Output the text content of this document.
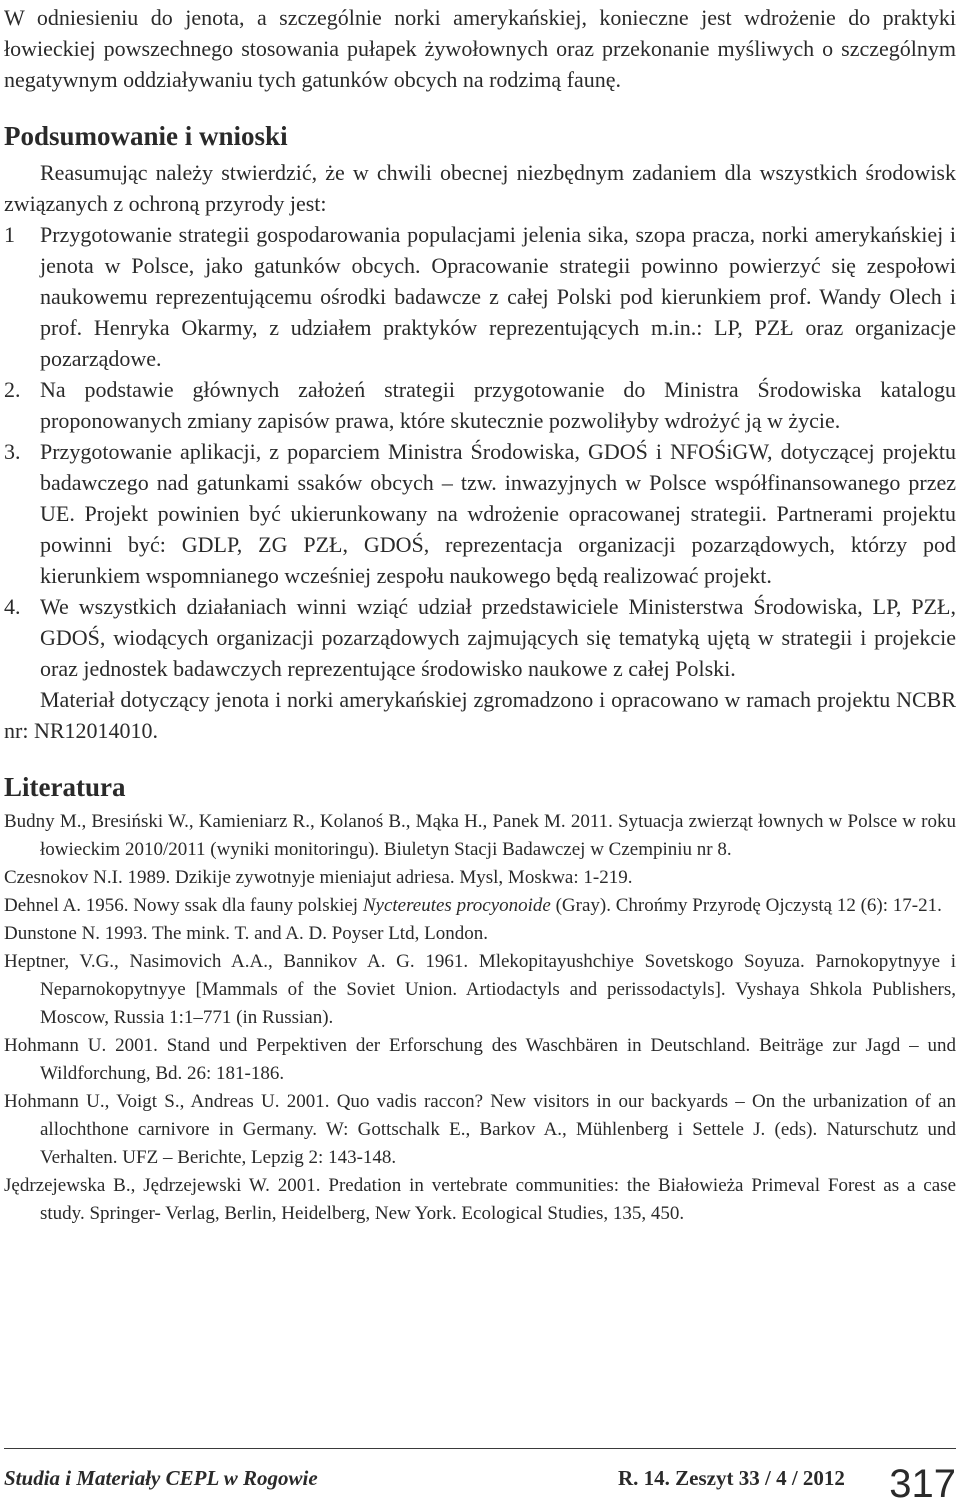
W odniesieniu do jenota, a szczególnie norki amerykańskiej, konieczne jest wdrożenie do praktyki łowieckiej powszechnego stosowania pułapek żywołownych oraz przekonanie myśliwych o szczególnym negatywnym oddziaływaniu tych gatunków obcych na rodzimą faunę.

Podsumowanie i wnioski

Reasumując należy stwierdzić, że w chwili obecnej niezbędnym zadaniem dla wszystkich środowisk związanych z ochroną przyrody jest:

1 Przygotowanie strategii gospodarowania populacjami jelenia sika, szopa pracza, norki amerykańskiej i jenota w Polsce, jako gatunków obcych. Opracowanie strategii powinno powierzyć się zespołowi naukowemu reprezentującemu ośrodki badawcze z całej Polski pod kierunkiem prof. Wandy Olech i prof. Henryka Okarmy, z udziałem praktyków reprezentujących m.in.: LP, PZŁ oraz organizacje pozarządowe.

2. Na podstawie głównych założeń strategii przygotowanie do Ministra Środowiska katalogu proponowanych zmiany zapisów prawa, które skutecznie pozwoliłyby wdrożyć ją w życie.

3. Przygotowanie aplikacji, z poparciem Ministra Środowiska, GDOŚ i NFOŚiGW, dotyczącej projektu badawczego nad gatunkami ssaków obcych – tzw. inwazyjnych w Polsce współfinansowanego przez UE. Projekt powinien być ukierunkowany na wdrożenie opracowanej strategii. Partnerami projektu powinni być: GDLP, ZG PZŁ, GDOŚ, reprezentacja organizacji pozarządowych, którzy pod kierunkiem wspomnianego wcześniej zespołu naukowego będą realizować projekt.

4. We wszystkich działaniach winni wziąć udział przedstawiciele Ministerstwa Środowiska, LP, PZŁ, GDOŚ, wiodących organizacji pozarządowych zajmujących się tematyką ujętą w strategii i projekcie oraz jednostek badawczych reprezentujące środowisko naukowe z całej Polski.

Materiał dotyczący jenota i norki amerykańskiej zgromadzono i opracowano w ramach projektu NCBR nr: NR12014010.

Literatura

Budny M., Bresiński W., Kamieniarz R., Kolanoś B., Mąka H., Panek M. 2011. Sytuacja zwierząt łownych w Polsce w roku łowieckim 2010/2011 (wyniki monitoringu). Biuletyn Stacji Badawczej w Czempiniu nr 8.

Czesnokov N.I. 1989. Dzikije zywotnyje mieniajut adriesa. Mysl, Moskwa: 1-219.

Dehnel A. 1956. Nowy ssak dla fauny polskiej Nyctereutes procyonoide (Gray). Chrońmy Przyrodę Ojczystą 12 (6): 17-21.

Dunstone N. 1993. The mink. T. and A. D. Poyser Ltd, London.

Heptner, V.G., Nasimovich A.A., Bannikov A. G. 1961. Mlekopitayushchiye Sovetskogo Soyuza. Parnokopytnyye i Neparnokopytnyye [Mammals of the Soviet Union. Artiodactyls and perissodactyls]. Vyshaya Shkola Publishers, Moscow, Russia 1:1–771 (in Russian).

Hohmann U. 2001. Stand und Perpektiven der Erforschung des Waschbären in Deutschland. Beiträge zur Jagd – und Wildforchung, Bd. 26: 181-186.

Hohmann U., Voigt S., Andreas U. 2001. Quo vadis raccon? New visitors in our backyards – On the urbanization of an allochthone carnivore in Germany. W: Gottschalk E., Barkov A., Mühlenberg i Settele J. (eds). Naturschutz und Verhalten. UFZ – Berichte, Lepzig 2: 143-148.

Jędrzejewska B., Jędrzejewski W. 2001. Predation in vertebrate communities: the Białowieża Primeval Forest as a case study. Springer- Verlag, Berlin, Heidelberg, New York. Ecological Studies, 135, 450.

Studia i Materiały CEPL w Rogowie	R. 14. Zeszyt 33 / 4 / 2012 317
